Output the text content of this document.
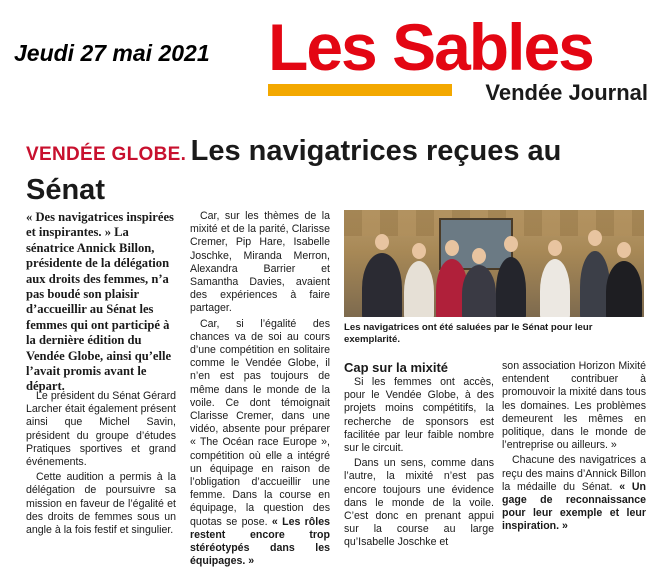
Jeudi 27 mai 2021 Les Sables
Vendée Journal
VENDÉE GLOBE. Les navigatrices reçues au Sénat
« Des navigatrices inspirées et inspirantes. » La sénatrice Annick Billon, présidente de la délégation aux droits des femmes, n’a pas boudé son plaisir d’accueillir au Sénat les femmes qui ont participé à la dernière édition du Vendée Globe, ainsi qu’elle l’avait promis avant le départ.

Le président du Sénat Gérard Larcher était également présent ainsi que Michel Savin, président du groupe d’études Pratiques sportives et grand événements.

Cette audition a permis à la délégation de poursuivre sa mission en faveur de l’égalité et des droits de femmes sous un angle à la fois festif et singulier.

Car, sur les thèmes de la mixité et de la parité, Clarisse Cremer, Pip Hare, Isabelle Joschke, Miranda Merron, Alexandra Barrier et Samantha Davies, avaient des expériences à faire partager.

Car, si l’égalité des chances va de soi au cours d’une compétition en solitaire comme le Vendée Globe, il n’en est pas toujours de même dans le monde de la voile. Ce dont témoignait Clarisse Cremer, dans une vidéo, absente pour préparer « The Océan race Europe », compétition où elle a intégré un équipage en raison de l’obligation d’accueillir une femme. Dans la course en équipage, la question des quotas se pose. « Les rôles restent encore trop stéréotypés dans les équipages. »

Les navigatrices ont été saluées par le Sénat pour leur exemplarité.
Cap sur la mixité

Si les femmes ont accès, pour le Vendée Globe, à des projets moins compétitifs, la recherche de sponsors est facilitée par leur faible nombre sur le circuit.

Dans un sens, comme dans l’autre, la mixité n’est pas encore toujours une évidence dans le monde de la voile. C’est donc en prenant appui sur la course au large qu’Isabelle Joschke et

son association Horizon Mixité entendent contribuer à promouvoir la mixité dans tous les domaines. Les problèmes demeurent les mêmes en politique, dans le monde de l’entreprise ou ailleurs. »

Chacune des navigatrices a reçu des mains d’Annick Billon la médaille du Sénat. « Un gage de reconnaissance pour leur exemple et leur inspiration. »
